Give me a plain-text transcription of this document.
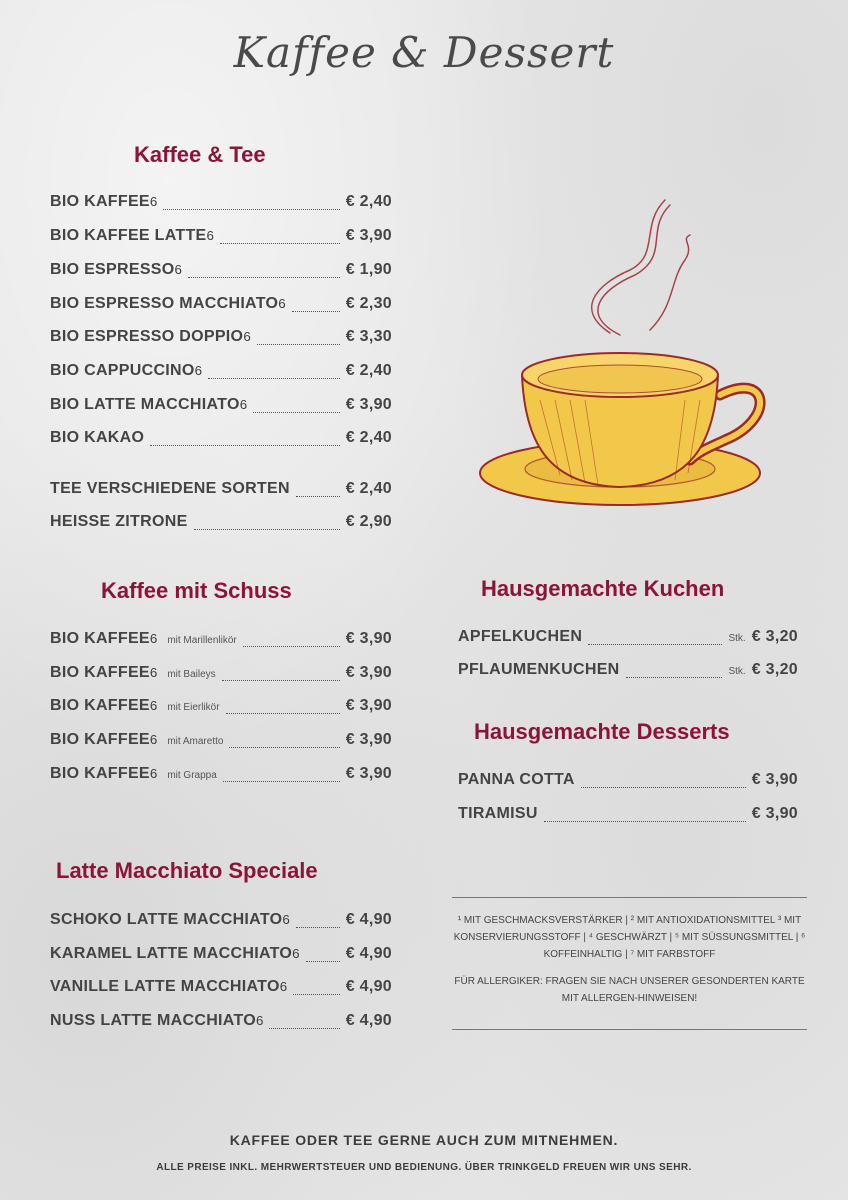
Kaffee & Dessert
Kaffee & Tee
Kaffee mit Schuss
Latte Macchiato Speciale
Hausgemachte Kuchen
Hausgemachte Desserts

¹ MIT GESCHMACKSVERSTÄRKER | ² MIT ANTIOXIDATIONSMITTEL ³ MIT KONSERVIERUNGSSTOFF | ⁴ GESCHWÄRZT | ⁵ MIT SÜSSUNGSMITTEL | ⁶ KOFFEINHALTIG | ⁷ MIT FARBSTOFF

FÜR ALLERGIKER: FRAGEN SIE NACH UNSERER GESONDERTEN KARTE MIT ALLERGEN-HINWEISEN!

KAFFEE ODER TEE GERNE AUCH ZUM MITNEHMEN.
ALLE PREISE INKL. MEHRWERTSTEUER UND BEDIENUNG. ÜBER TRINKGELD FREUEN WIR UNS SEHR.
BIO KAFFEE 6	€ 2,40
BIO KAFFEE LATTE 6	€ 3,90
BIO ESPRESSO 6	€ 1,90
BIO ESPRESSO MACCHIATO 6	€ 2,30
BIO ESPRESSO DOPPIO 6	€ 3,30
BIO CAPPUCCINO 6	€ 2,40
BIO LATTE MACCHIATO 6	€ 3,90
BIO KAKAO	€ 2,40
TEE VERSCHIEDENE SORTEN	€ 2,40
HEISSE ZITRONE	€ 2,90
BIO KAFFEE 6 mit Marillenlikör	€ 3,90
BIO KAFFEE 6 mit Baileys	€ 3,90
BIO KAFFEE 6 mit Eierlikör	€ 3,90
BIO KAFFEE 6 mit Amaretto	€ 3,90
BIO KAFFEE 6 mit Grappa	€ 3,90
SCHOKO LATTE MACCHIATO 6	€ 4,90
KARAMEL LATTE MACCHIATO 6	€ 4,90
VANILLE LATTE MACCHIATO 6	€ 4,90
NUSS LATTE MACCHIATO 6	€ 4,90
APFELKUCHEN	Stk. € 3,20
PFLAUMENKUCHEN	Stk. € 3,20
PANNA COTTA	€ 3,90
TIRAMISU	€ 3,90
